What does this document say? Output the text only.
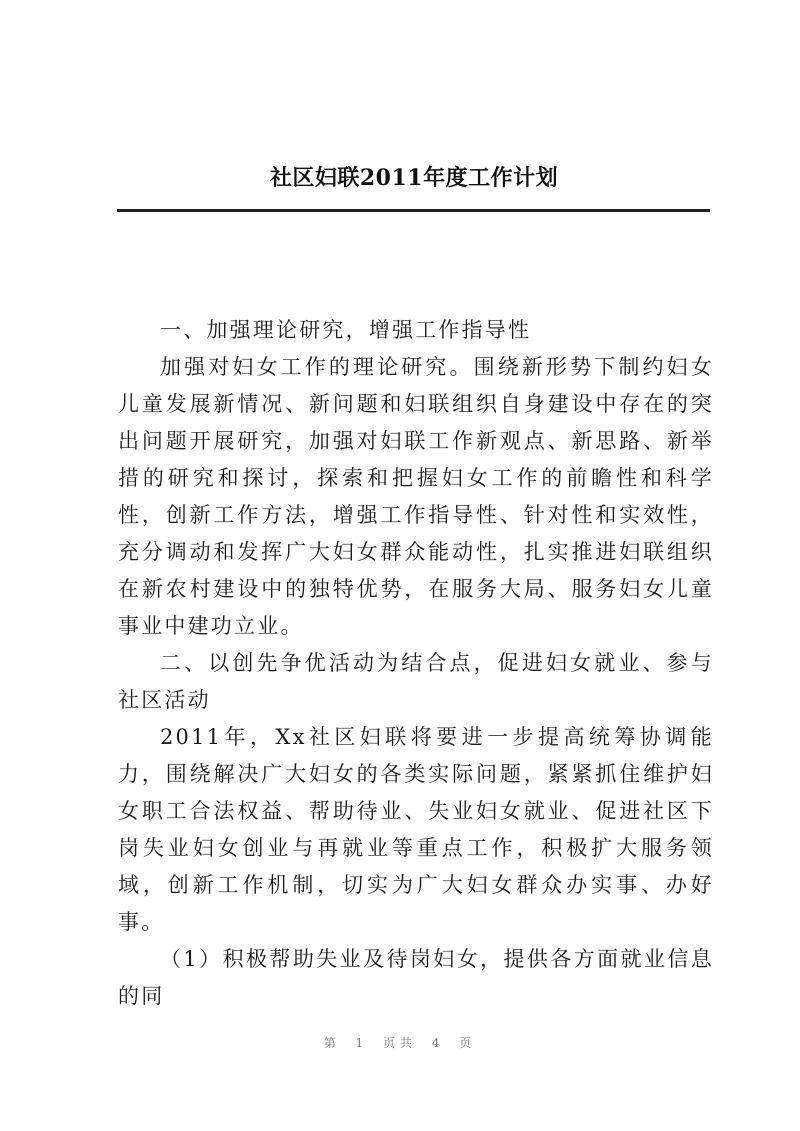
社区妇联2011年度工作计划

一、加强理论研究，增强工作指导性

加强对妇女工作的理论研究。围绕新形势下制约妇女儿童发展新情况、新问题和妇联组织自身建设中存在的突出问题开展研究，加强对妇联工作新观点、新思路、新举措的研究和探讨，探索和把握妇女工作的前瞻性和科学性，创新工作方法，增强工作指导性、针对性和实效性，充分调动和发挥广大妇女群众能动性，扎实推进妇联组织在新农村建设中的独特优势，在服务大局、服务妇女儿童事业中建功立业。

二、以创先争优活动为结合点，促进妇女就业、参与社区活动

2011年，Xx社区妇联将要进一步提高统筹协调能力，围绕解决广大妇女的各类实际问题，紧紧抓住维护妇女职工合法权益、帮助待业、失业妇女就业、促进社区下岗失业妇女创业与再就业等重点工作，积极扩大服务领域，创新工作机制，切实为广大妇女群众办实事、办好事。

（1）积极帮助失业及待岗妇女，提供各方面就业信息的同

第 1 页共 4 页
